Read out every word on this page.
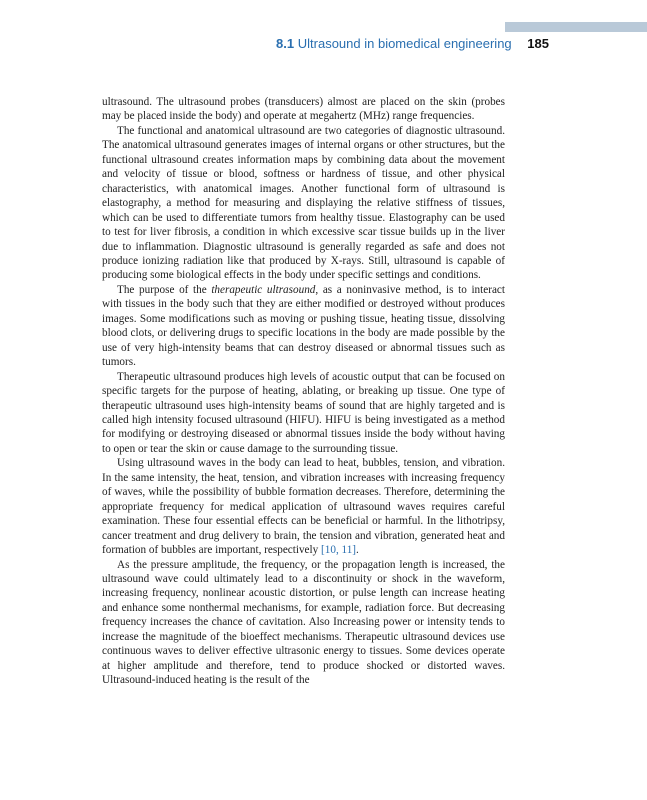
8.1 Ultrasound in biomedical engineering 185

ultrasound. The ultrasound probes (transducers) almost are placed on the skin (probes may be placed inside the body) and operate at megahertz (MHz) range frequencies.

The functional and anatomical ultrasound are two categories of diagnostic ultrasound. The anatomical ultrasound generates images of internal organs or other structures, but the functional ultrasound creates information maps by combining data about the movement and velocity of tissue or blood, softness or hardness of tissue, and other physical characteristics, with anatomical images. Another functional form of ultrasound is elastography, a method for measuring and displaying the relative stiffness of tissues, which can be used to differentiate tumors from healthy tissue. Elastography can be used to test for liver fibrosis, a condition in which excessive scar tissue builds up in the liver due to inflammation. Diagnostic ultrasound is generally regarded as safe and does not produce ionizing radiation like that produced by X-rays. Still, ultrasound is capable of producing some biological effects in the body under specific settings and conditions.

The purpose of the therapeutic ultrasound, as a noninvasive method, is to interact with tissues in the body such that they are either modified or destroyed without produces images. Some modifications such as moving or pushing tissue, heating tissue, dissolving blood clots, or delivering drugs to specific locations in the body are made possible by the use of very high-intensity beams that can destroy diseased or abnormal tissues such as tumors.

Therapeutic ultrasound produces high levels of acoustic output that can be focused on specific targets for the purpose of heating, ablating, or breaking up tissue. One type of therapeutic ultrasound uses high-intensity beams of sound that are highly targeted and is called high intensity focused ultrasound (HIFU). HIFU is being investigated as a method for modifying or destroying diseased or abnormal tissues inside the body without having to open or tear the skin or cause damage to the surrounding tissue.

Using ultrasound waves in the body can lead to heat, bubbles, tension, and vibration. In the same intensity, the heat, tension, and vibration increases with increasing frequency of waves, while the possibility of bubble formation decreases. Therefore, determining the appropriate frequency for medical application of ultrasound waves requires careful examination. These four essential effects can be beneficial or harmful. In the lithotripsy, cancer treatment and drug delivery to brain, the tension and vibration, generated heat and formation of bubbles are important, respectively [10, 11].

As the pressure amplitude, the frequency, or the propagation length is increased, the ultrasound wave could ultimately lead to a discontinuity or shock in the waveform, increasing frequency, nonlinear acoustic distortion, or pulse length can increase heating and enhance some nonthermal mechanisms, for example, radiation force. But decreasing frequency increases the chance of cavitation. Also Increasing power or intensity tends to increase the magnitude of the bioeffect mechanisms. Therapeutic ultrasound devices use continuous waves to deliver effective ultrasonic energy to tissues. Some devices operate at higher amplitude and therefore, tend to produce shocked or distorted waves. Ultrasound-induced heating is the result of the
